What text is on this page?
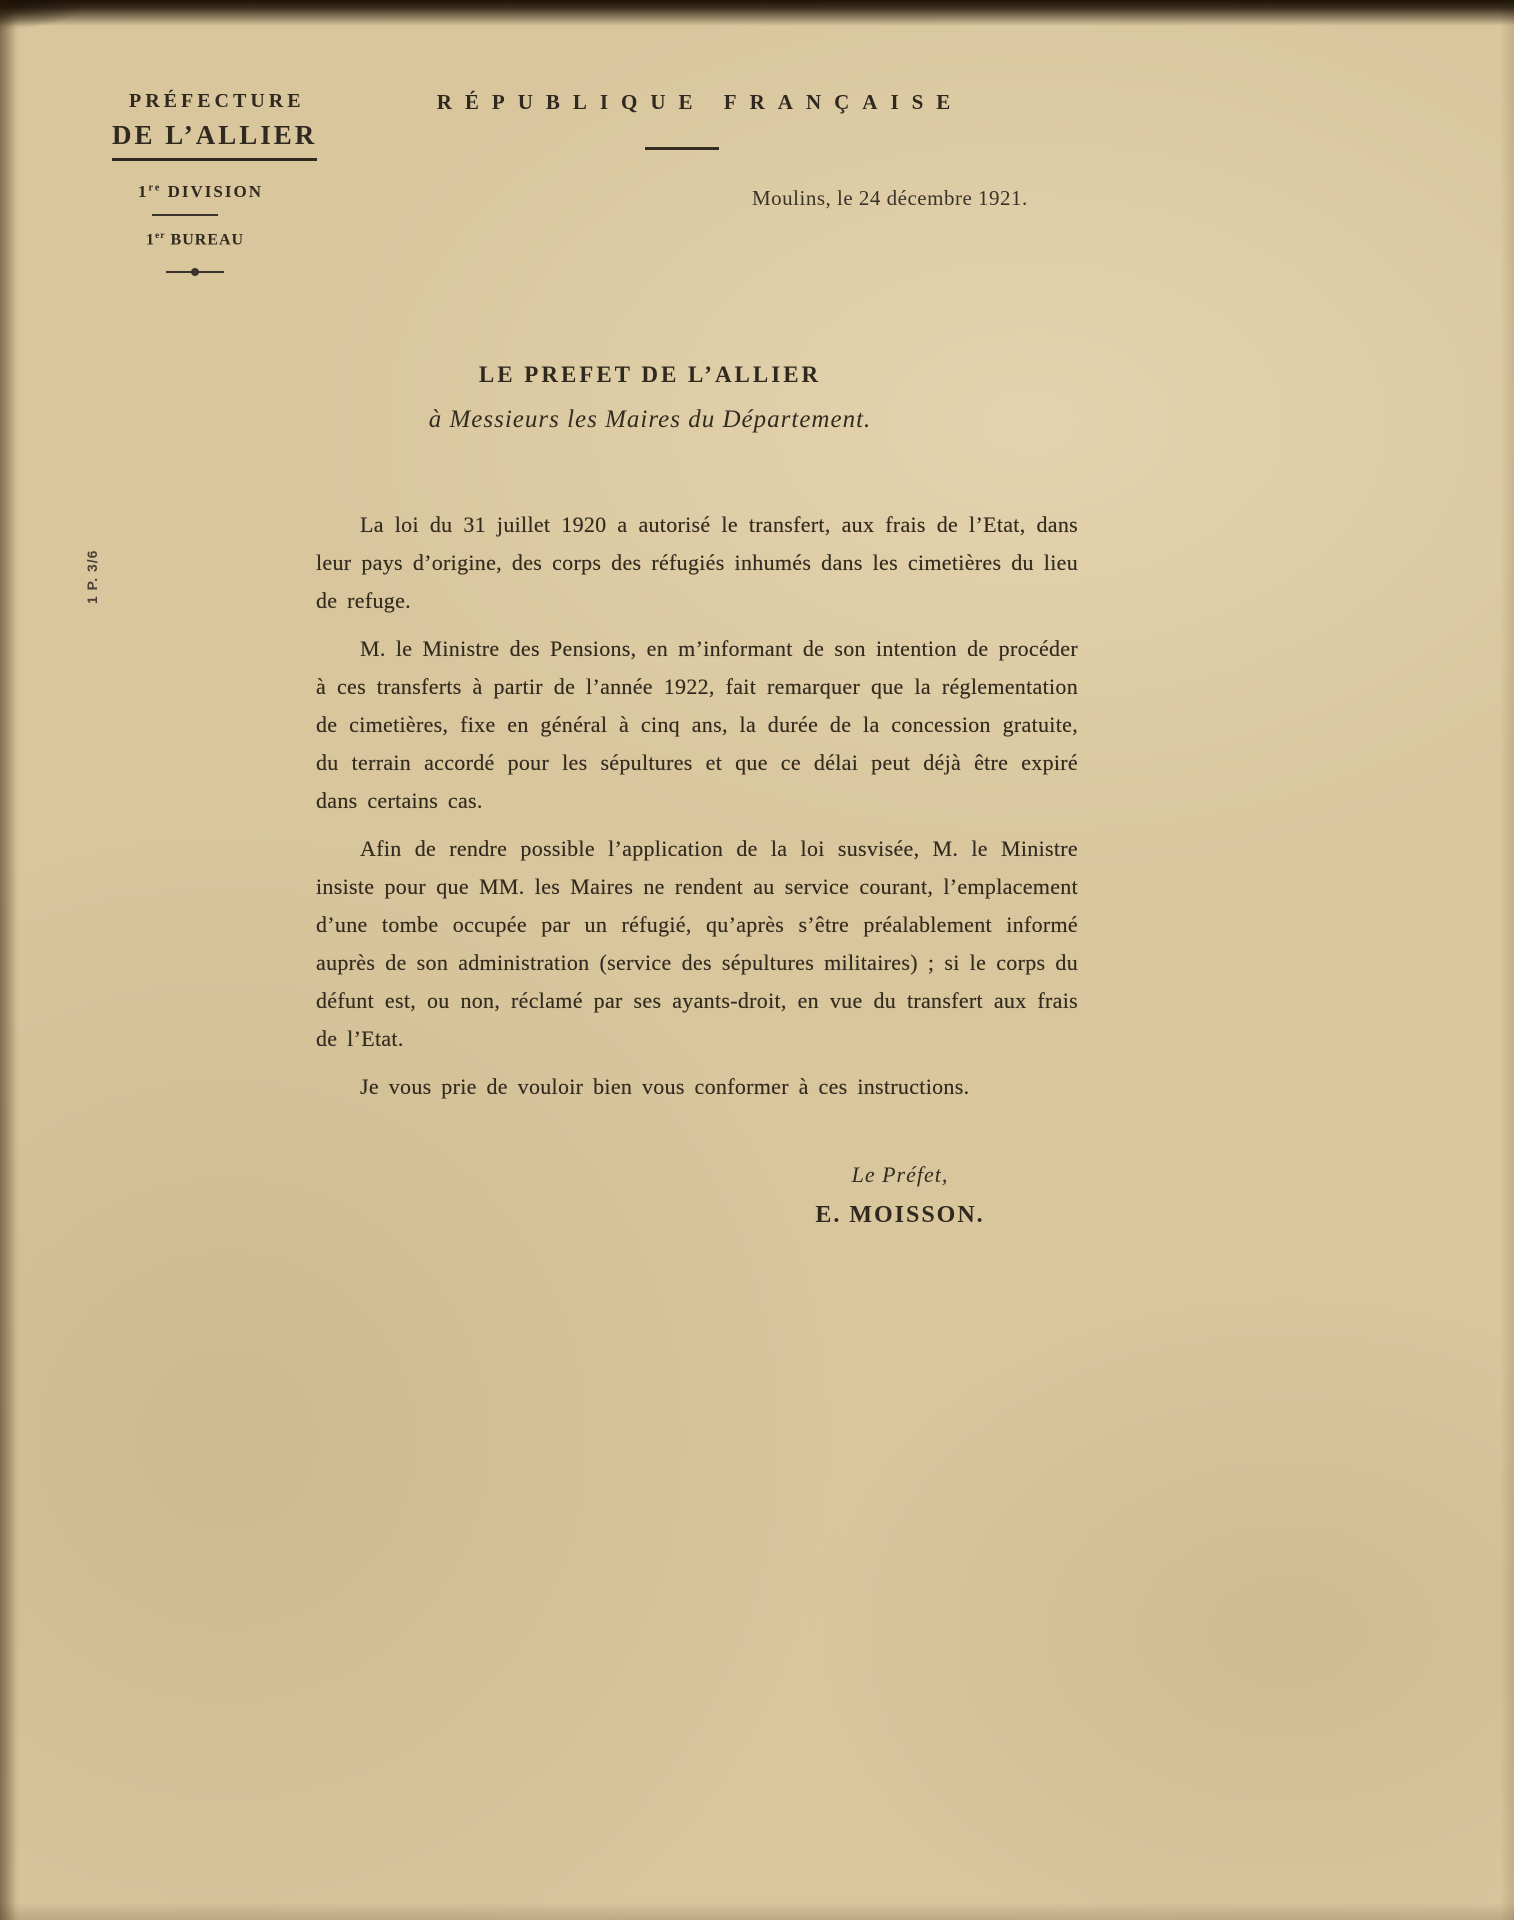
PRÉFECTURE
DE L’ALLIER
1re DIVISION
1er BUREAU
RÉPUBLIQUE FRANÇAISE
Moulins, le 24 décembre 1921.
1 P. 3/6
LE PREFET DE L’ALLIER
à Messieurs les Maires du Département.

La loi du 31 juillet 1920 a autorisé le transfert, aux frais de l’Etat, dans leur pays d’origine, des corps des réfugiés inhumés dans les cimetières du lieu de refuge.

M. le Ministre des Pensions, en m’informant de son intention de procéder à ces transferts à partir de l’année 1922, fait remarquer que la réglementation de cimetières, fixe en général à cinq ans, la durée de la concession gratuite, du terrain accordé pour les sépultures et que ce délai peut déjà être expiré dans certains cas.

Afin de rendre possible l’application de la loi susvisée, M. le Ministre insiste pour que MM. les Maires ne rendent au service courant, l’emplacement d’une tombe occupée par un réfugié, qu’après s’être préalablement informé auprès de son administration (service des sépultures militaires) ; si le corps du défunt est, ou non, réclamé par ses ayants-droit, en vue du transfert aux frais de l’Etat.

Je vous prie de vouloir bien vous conformer à ces instructions.

Le Préfet,
E. MOISSON.
